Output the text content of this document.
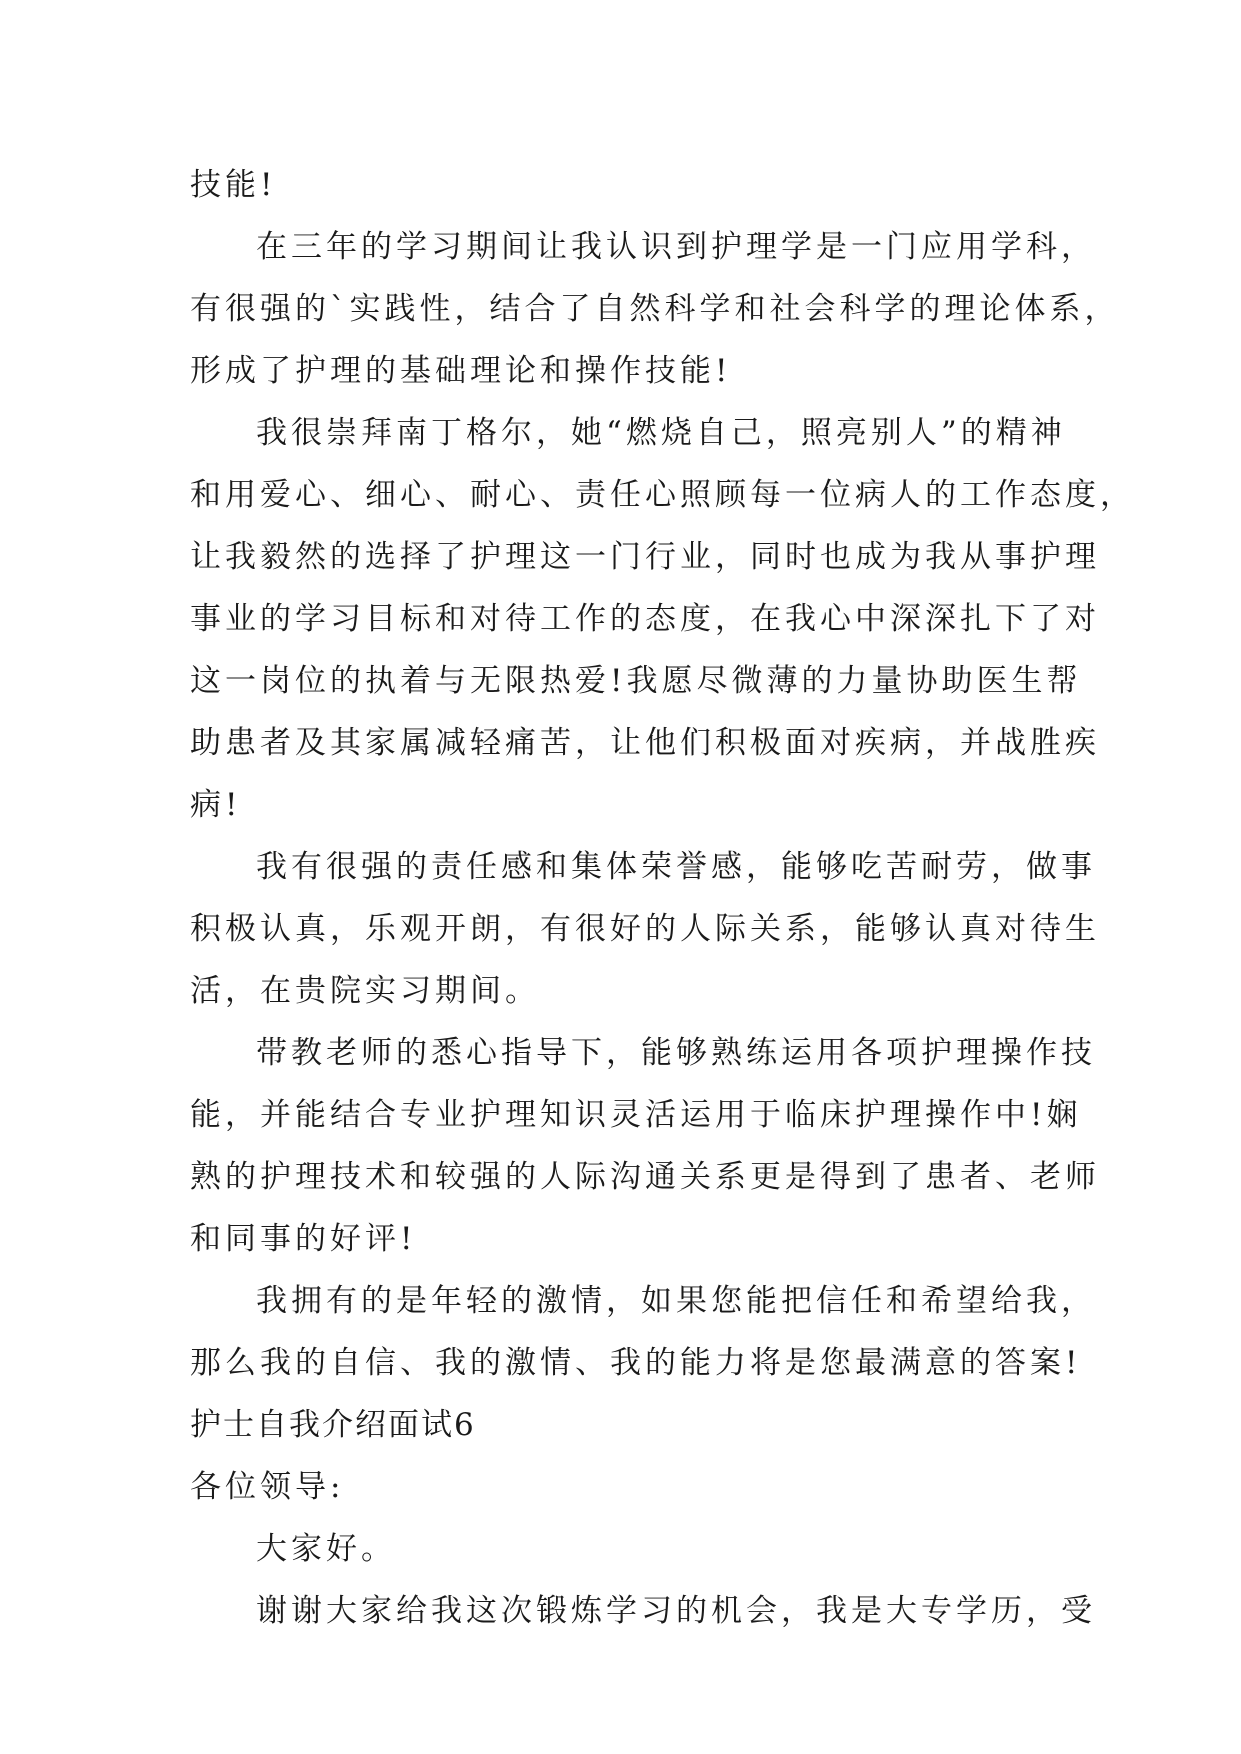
技能!
在三年的学习期间让我认识到护理学是一门应用学科，
有很强的`实践性，结合了自然科学和社会科学的理论体系，
形成了护理的基础理论和操作技能!
我很崇拜南丁格尔，她“燃烧自己，照亮别人”的精神
和用爱心、细心、耐心、责任心照顾每一位病人的工作态度，
让我毅然的选择了护理这一门行业，同时也成为我从事护理
事业的学习目标和对待工作的态度，在我心中深深扎下了对
这一岗位的执着与无限热爱!我愿尽微薄的力量协助医生帮
助患者及其家属减轻痛苦，让他们积极面对疾病，并战胜疾
病!
我有很强的责任感和集体荣誉感，能够吃苦耐劳，做事
积极认真，乐观开朗，有很好的人际关系，能够认真对待生
活，在贵院实习期间。
带教老师的悉心指导下，能够熟练运用各项护理操作技
能，并能结合专业护理知识灵活运用于临床护理操作中!娴
熟的护理技术和较强的人际沟通关系更是得到了患者、老师
和同事的好评!
我拥有的是年轻的激情，如果您能把信任和希望给我，
那么我的自信、我的激情、我的能力将是您最满意的答案!
护士自我介绍面试6
各位领导:
大家好。
谢谢大家给我这次锻炼学习的机会，我是大专学历，受
